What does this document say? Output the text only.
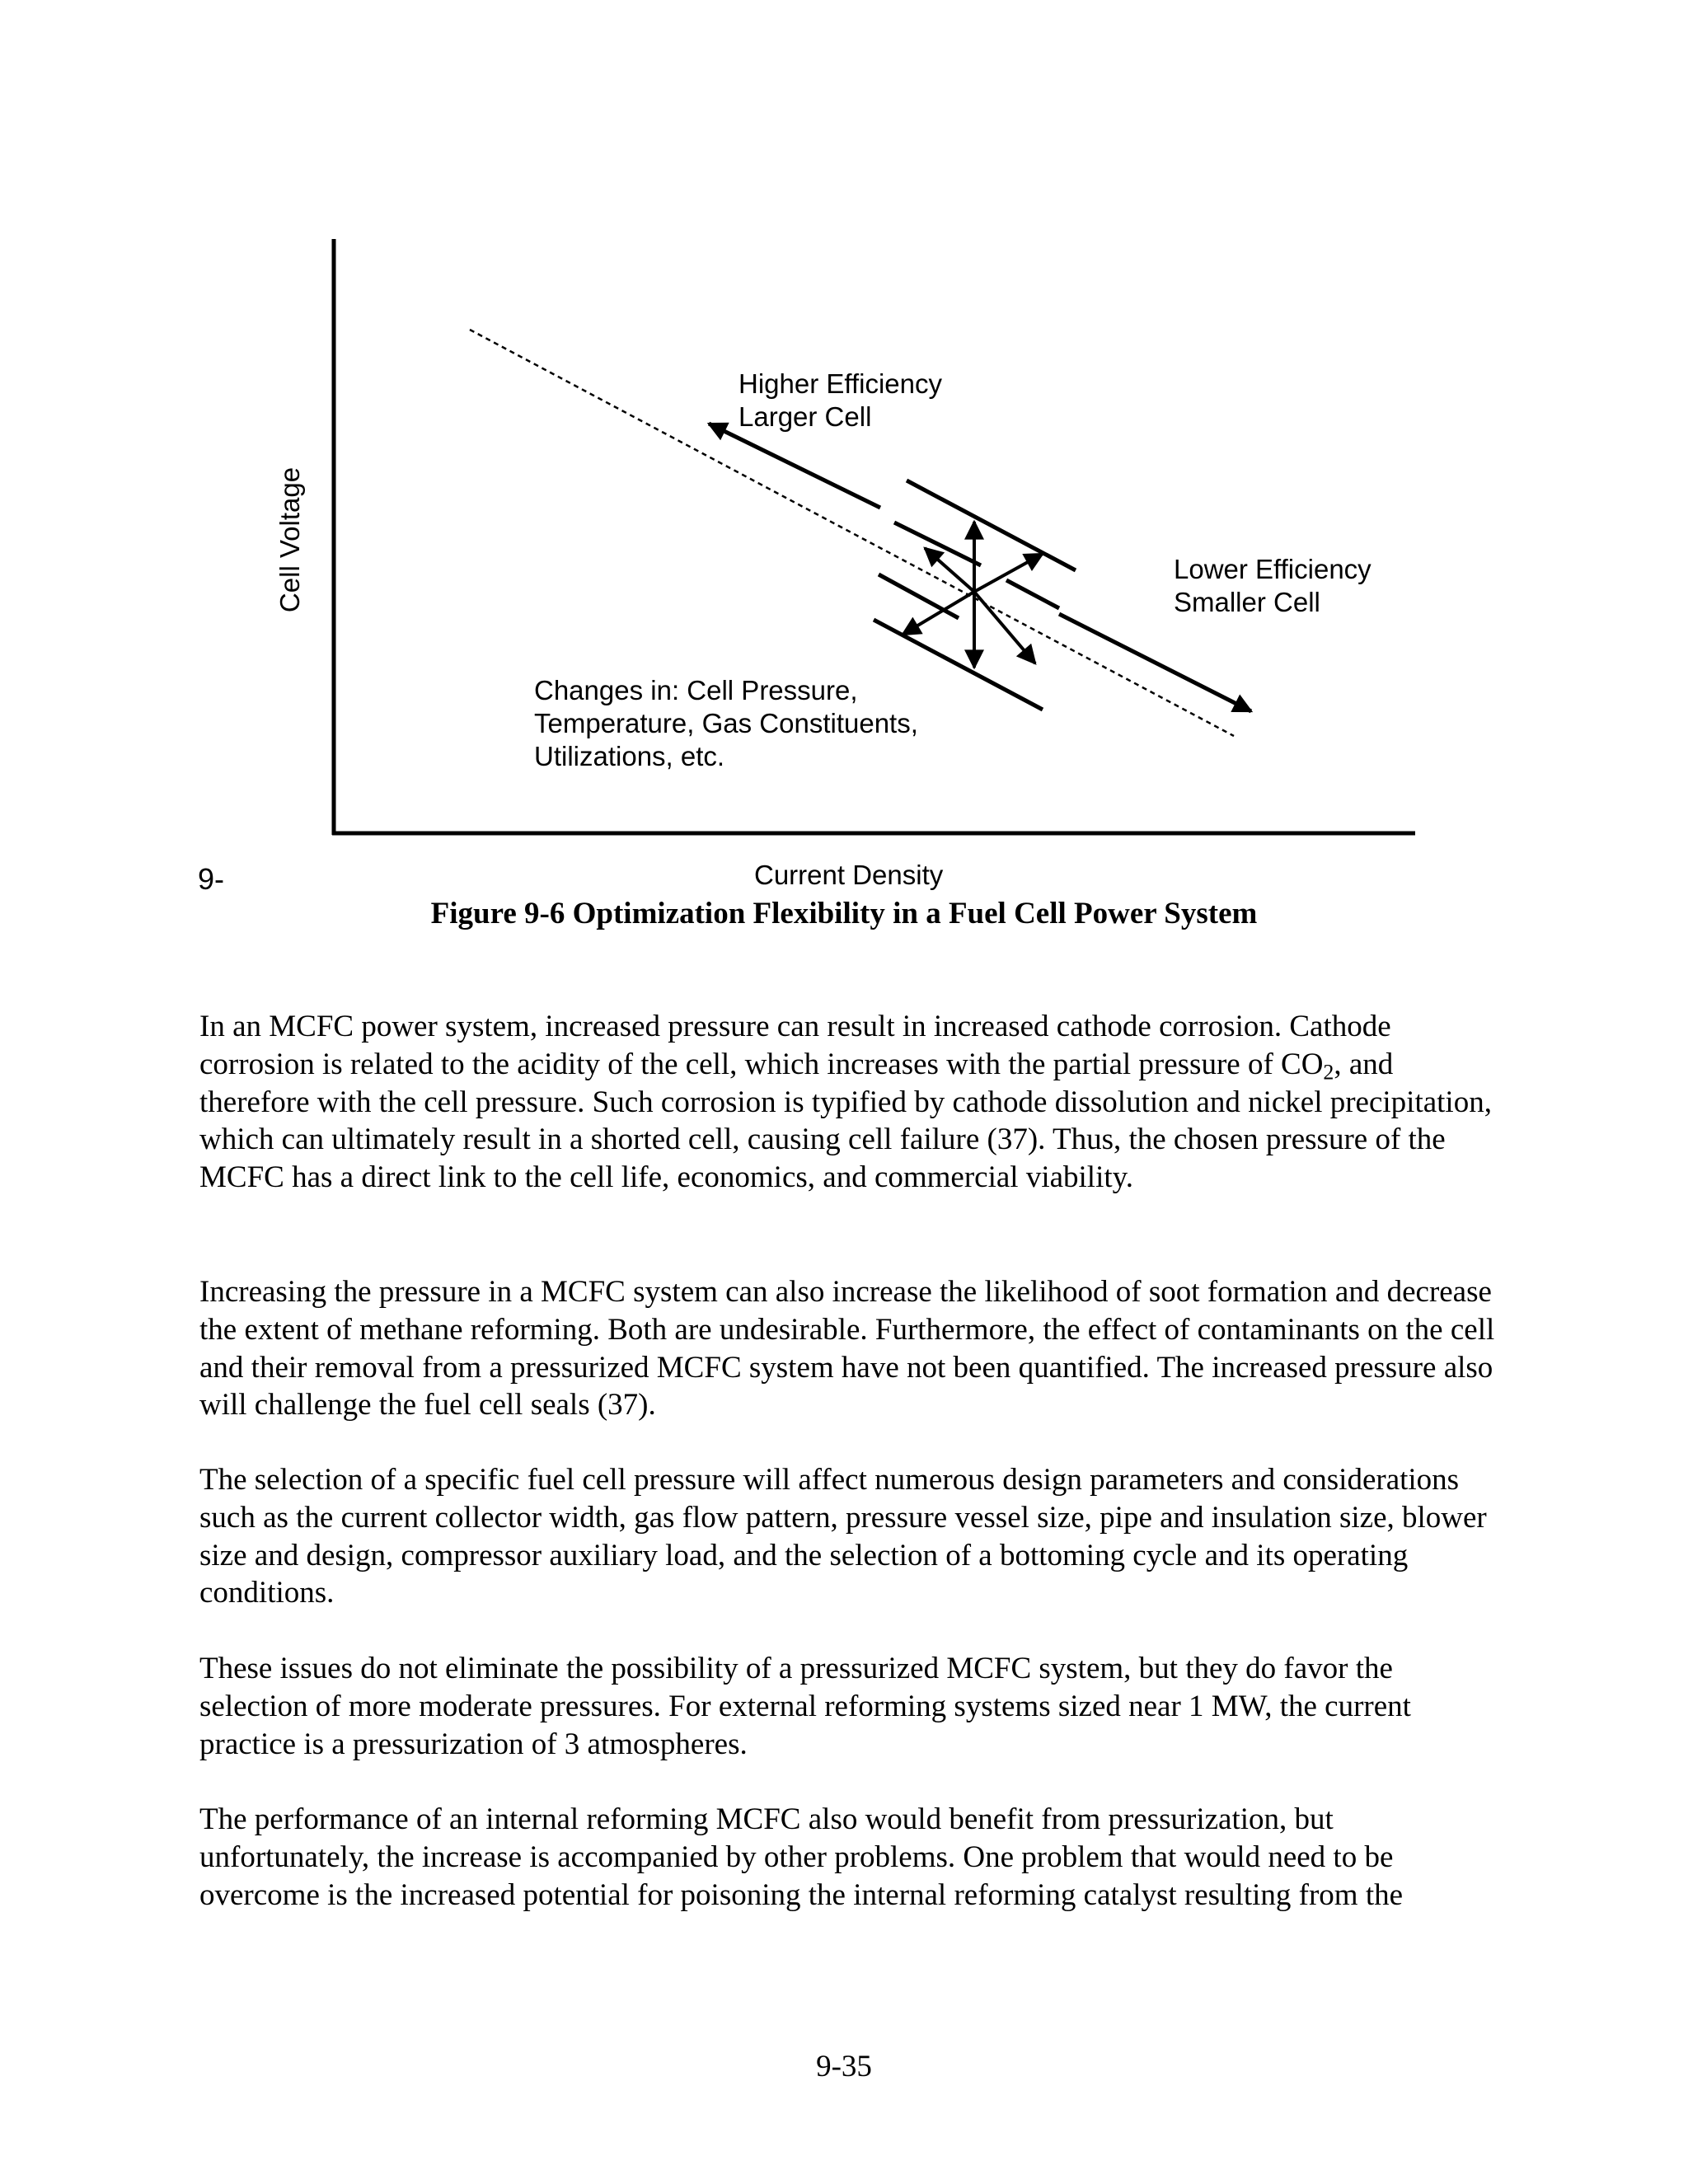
Higher Efficiency
Larger Cell
Lower Efficiency
Smaller Cell
Changes in: Cell Pressure,
Temperature, Gas Constituents,
Utilizations, etc.
Cell Voltage
Current Density
9-
Figure 9-6 Optimization Flexibility in a Fuel Cell Power System

In an MCFC power system, increased pressure can result in increased cathode corrosion. Cathode corrosion is related to the acidity of the cell, which increases with the partial pressure of $CO_2$, and therefore with the cell pressure. Such corrosion is typified by cathode dissolution and nickel precipitation, which can ultimately result in a shorted cell, causing cell failure (37). Thus, the chosen pressure of the MCFC has a direct link to the cell life, economics, and commercial viability.

Increasing the pressure in a MCFC system can also increase the likelihood of soot formation and decrease the extent of methane reforming. Both are undesirable. Furthermore, the effect of contaminants on the cell and their removal from a pressurized MCFC system have not been quantified. The increased pressure also will challenge the fuel cell seals (37).

The selection of a specific fuel cell pressure will affect numerous design parameters and considerations such as the current collector width, gas flow pattern, pressure vessel size, pipe and insulation size, blower size and design, compressor auxiliary load, and the selection of a bottoming cycle and its operating conditions.

These issues do not eliminate the possibility of a pressurized MCFC system, but they do favor the selection of more moderate pressures. For external reforming systems sized near 1 MW, the current practice is a pressurization of 3 atmospheres.

The performance of an internal reforming MCFC also would benefit from pressurization, but unfortunately, the increase is accompanied by other problems. One problem that would need to be overcome is the increased potential for poisoning the internal reforming catalyst resulting from the

9-35
